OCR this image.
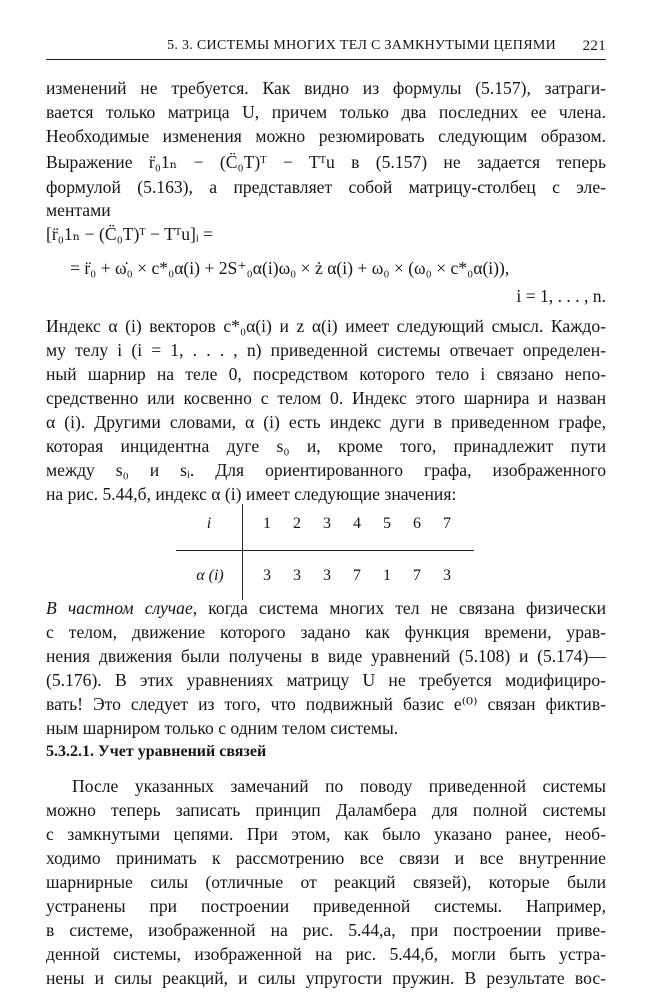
5. 3. СИСТЕМЫ МНОГИХ ТЕЛ С ЗАМКНУТЫМИ ЦЕПЯМИ 221
изменений не требуется. Как видно из формулы (5.157), затраги-
вается только матрица U, причем только два последних ее члена.
Необходимые изменения можно резюмировать следующим образом.
Выражение r̈₀1ₙ − (C̈₀T)ᵀ − Tᵀu в (5.157) не задается теперь
формулой (5.163), а представляет собой матрицу-столбец с эле-
ментами
[r̈₀1ₙ − (C̈₀T)ᵀ − Tᵀu]ᵢ =
= r̈₀ + ω̇₀ × c*₀α(i) + 2S⁺₀α(i)ω₀ × ż α(i) + ω₀ × (ω₀ × c*₀α(i)),
i = 1, . . . , n.
Индекс α (i) векторов c*₀α(i) и z α(i) имеет следующий смысл. Каждо-
му телу i (i = 1, . . . , n) приведенной системы отвечает определен-
ный шарнир на теле 0, посредством которого тело i связано непо-
средственно или косвенно с телом 0. Индекс этого шарнира и назван
α (i). Другими словами, α (i) есть индекс дуги в приведенном графе,
которая инцидентна дуге s₀ и, кроме того, принадлежит пути
между s₀ и sᵢ. Для ориентированного графа, изображенного
на рис. 5.44,б, индекс α (i) имеет следующие значения:
i	1	2	3	4	5	6	7
α (i)	3	3	3	7	1	7	3
В частном случае, когда система многих тел не связана физически
с телом, движение которого задано как функция времени, урав-
нения движения были получены в виде уравнений (5.108) и (5.174)—
(5.176). В этих уравнениях матрицу U не требуется модифициро-
вать! Это следует из того, что подвижный базис e⁽⁰⁾ связан фиктив-
ным шарниром только с одним телом системы.
5.3.2.1. Учет уравнений связей
После указанных замечаний по поводу приведенной системы
можно теперь записать принцип Даламбера для полной системы
с замкнутыми цепями. При этом, как было указано ранее, необ-
ходимо принимать к рассмотрению все связи и все внутренние
шарнирные силы (отличные от реакций связей), которые были
устранены при построении приведенной системы. Например,
в системе, изображенной на рис. 5.44,а, при построении приве-
денной системы, изображенной на рис. 5.44,б, могли быть устра-
нены и силы реакций, и силы упругости пружин. В результате вос-
